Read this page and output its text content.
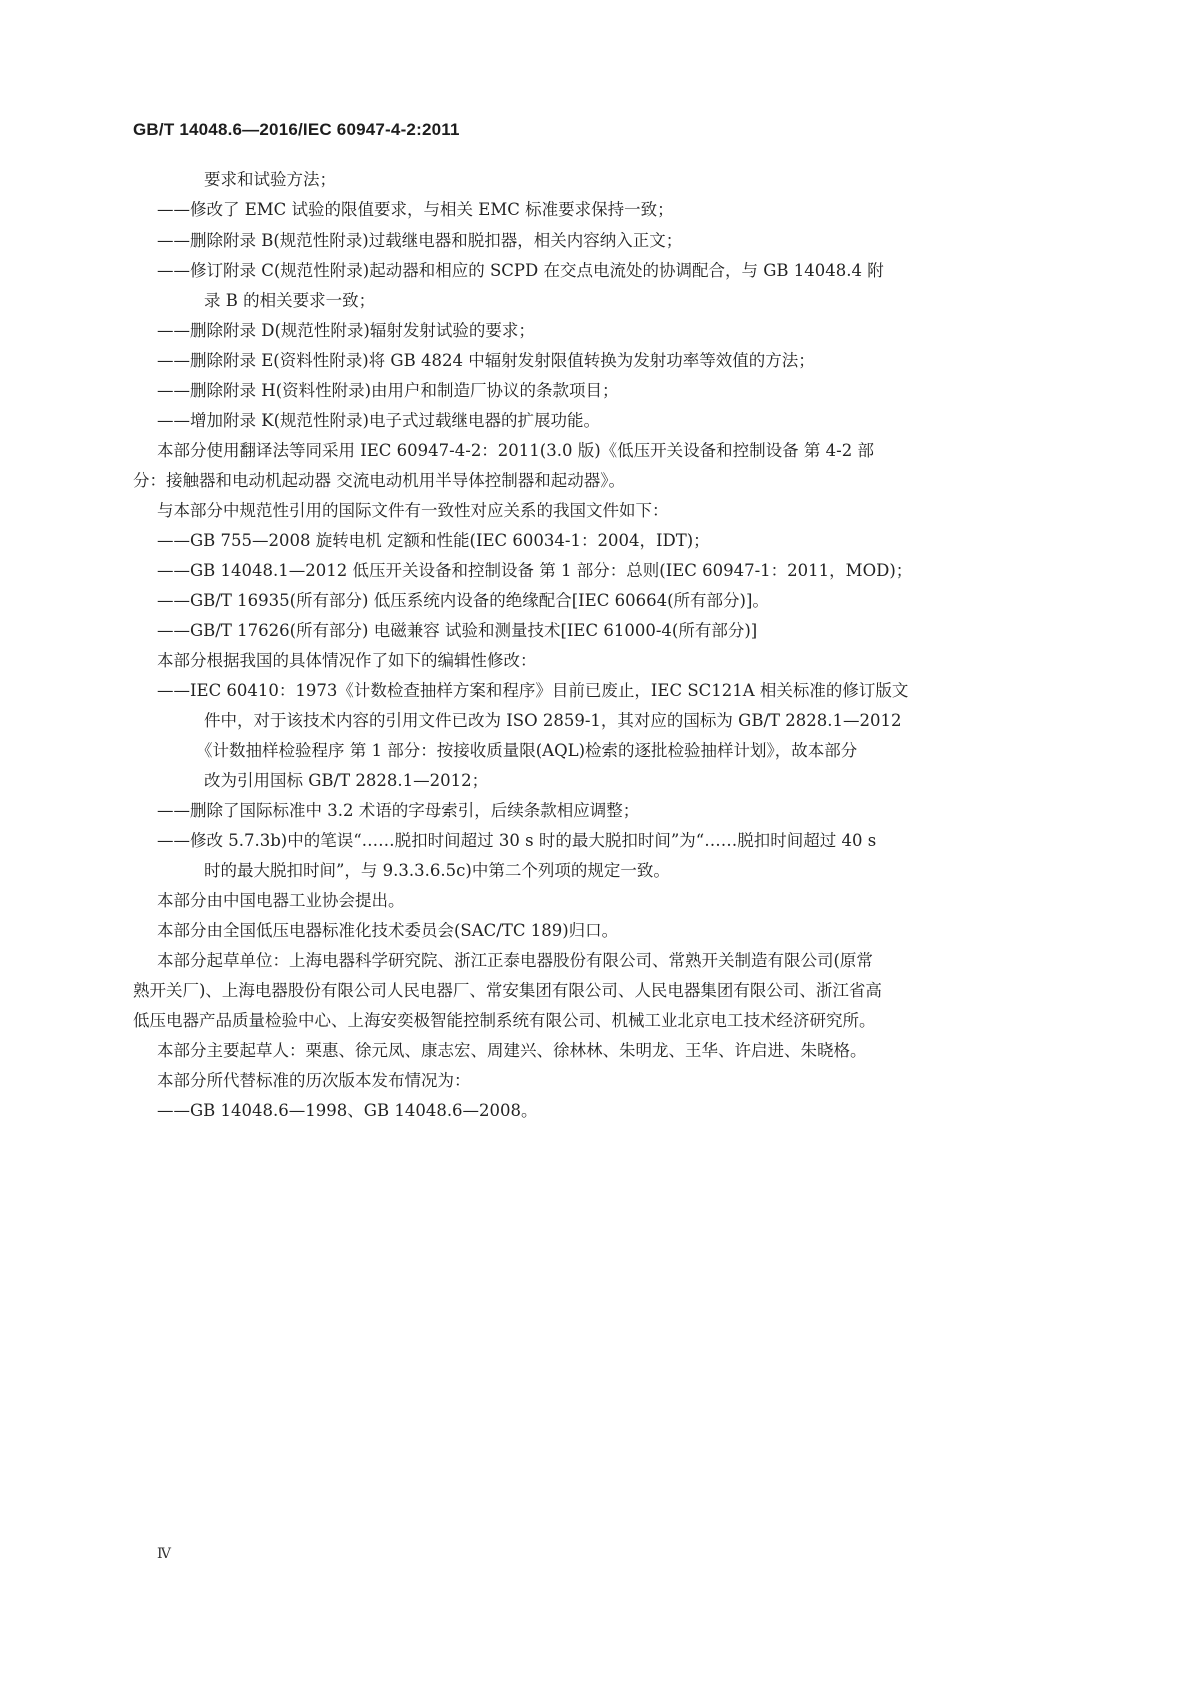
GB/T 14048.6—2016/IEC 60947-4-2:2011
要求和试验方法；
——修改了 EMC 试验的限值要求，与相关 EMC 标准要求保持一致；
——删除附录 B(规范性附录)过载继电器和脱扣器，相关内容纳入正文；
——修订附录 C(规范性附录)起动器和相应的 SCPD 在交点电流处的协调配合，与 GB 14048.4 附
录 B 的相关要求一致；
——删除附录 D(规范性附录)辐射发射试验的要求；
——删除附录 E(资料性附录)将 GB 4824 中辐射发射限值转换为发射功率等效值的方法；
——删除附录 H(资料性附录)由用户和制造厂协议的条款项目；
——增加附录 K(规范性附录)电子式过载继电器的扩展功能。
本部分使用翻译法等同采用 IEC 60947-4-2：2011(3.0 版)《低压开关设备和控制设备 第 4-2 部
分：接触器和电动机起动器 交流电动机用半导体控制器和起动器》。
与本部分中规范性引用的国际文件有一致性对应关系的我国文件如下：
——GB 755—2008 旋转电机 定额和性能(IEC 60034-1：2004，IDT)；
——GB 14048.1—2012 低压开关设备和控制设备 第 1 部分：总则(IEC 60947-1：2011，MOD)；
——GB/T 16935(所有部分) 低压系统内设备的绝缘配合[IEC 60664(所有部分)]。
——GB/T 17626(所有部分) 电磁兼容 试验和测量技术[IEC 61000-4(所有部分)]
本部分根据我国的具体情况作了如下的编辑性修改：
——IEC 60410：1973《计数检查抽样方案和程序》目前已废止，IEC SC121A 相关标准的修订版文
件中，对于该技术内容的引用文件已改为 ISO 2859-1，其对应的国标为 GB/T 2828.1—2012
《计数抽样检验程序 第 1 部分：按接收质量限(AQL)检索的逐批检验抽样计划》，故本部分
改为引用国标 GB/T 2828.1—2012；
——删除了国际标准中 3.2 术语的字母索引，后续条款相应调整；
——修改 5.7.3b)中的笔误“……脱扣时间超过 30 s 时的最大脱扣时间”为“……脱扣时间超过 40 s
时的最大脱扣时间”，与 9.3.3.6.5c)中第二个列项的规定一致。
本部分由中国电器工业协会提出。
本部分由全国低压电器标准化技术委员会(SAC/TC 189)归口。
本部分起草单位：上海电器科学研究院、浙江正泰电器股份有限公司、常熟开关制造有限公司(原常
熟开关厂)、上海电器股份有限公司人民电器厂、常安集团有限公司、人民电器集团有限公司、浙江省高
低压电器产品质量检验中心、上海安奕极智能控制系统有限公司、机械工业北京电工技术经济研究所。
本部分主要起草人：栗惠、徐元凤、康志宏、周建兴、徐林林、朱明龙、王华、许启进、朱晓格。
本部分所代替标准的历次版本发布情况为：
——GB 14048.6—1998、GB 14048.6—2008。
Ⅳ
